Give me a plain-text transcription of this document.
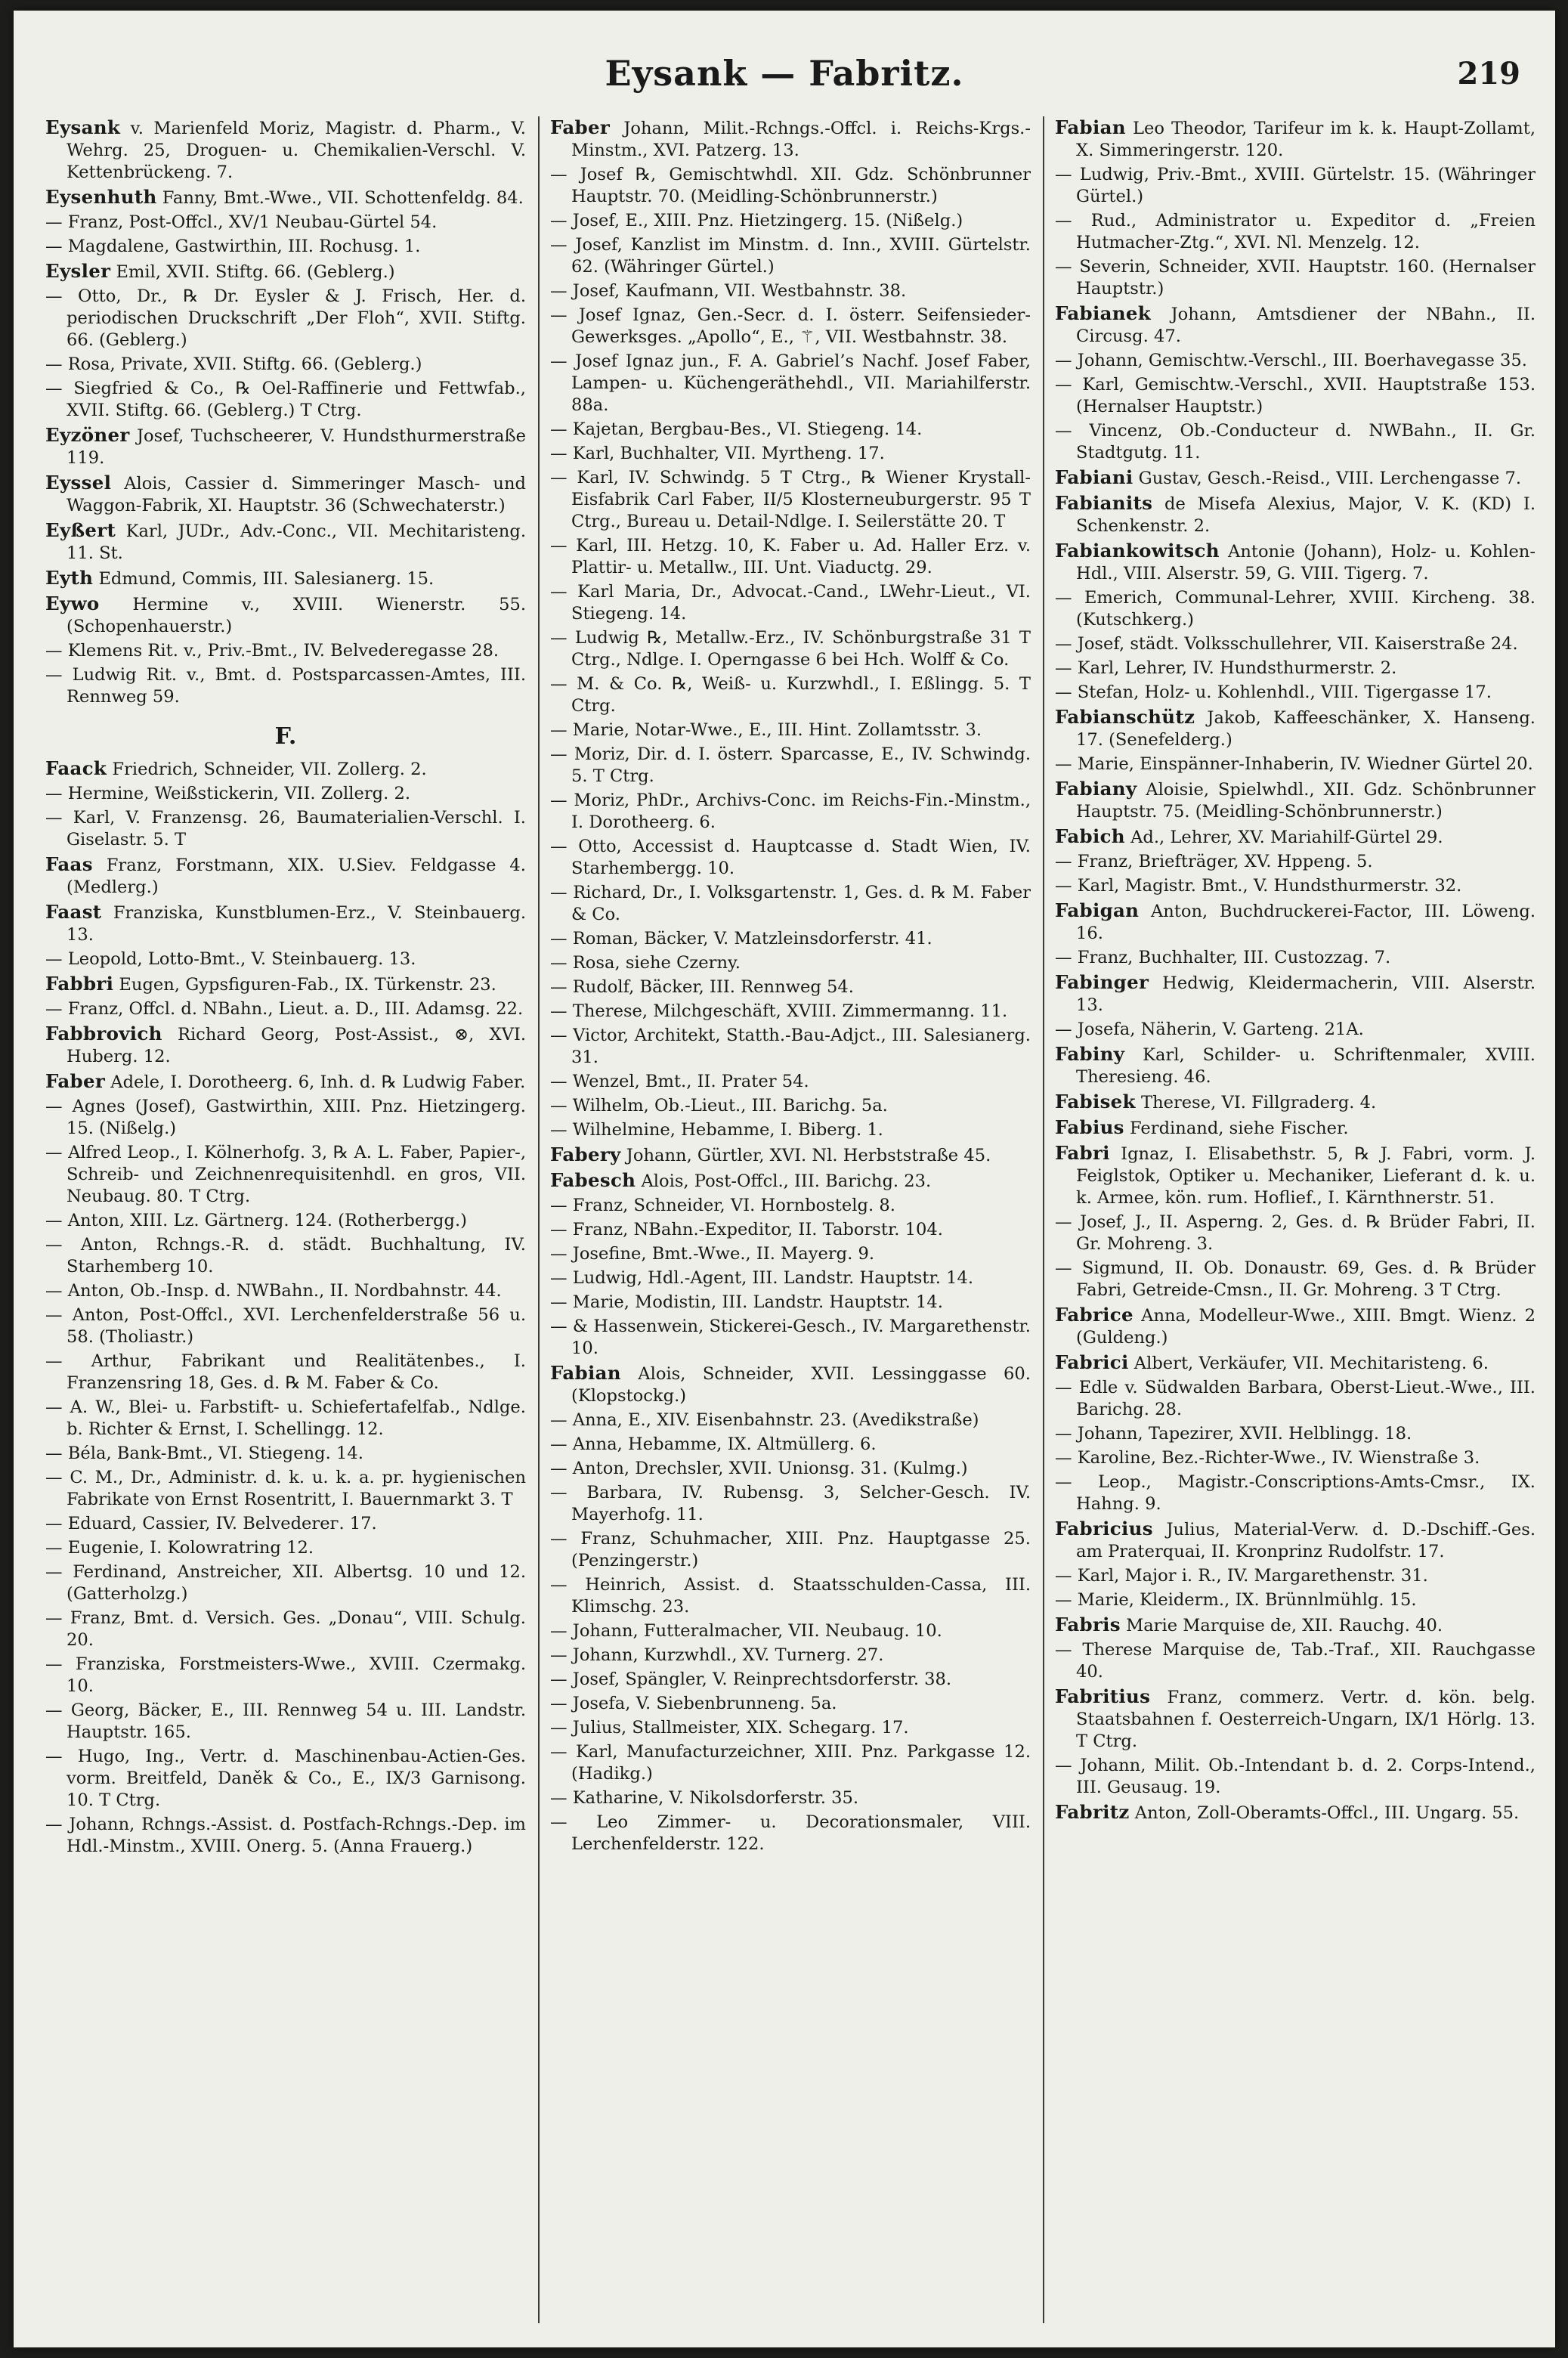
Eysank — Fabritz.	219
Eysank v. Marienfeld Moriz, Magistr. d. Pharm., V. Wehrg. 25, Droguen- u. Chemikalien-Verschl. V. Kettenbrückeng. 7.
Eysenhuth Fanny, Bmt.-Wwe., VII. Schottenfeldg. 84.
— Franz, Post-Offcl., XV/1 Neubau-Gürtel 54.
— Magdalene, Gastwirthin, III. Rochusg. 1.
Eysler Emil, XVII. Stiftg. 66. (Geblerg.)
— Otto, Dr., ℞ Dr. Eysler & J. Frisch, Her. d. periodischen Druckschrift „Der Floh“, XVII. Stiftg. 66. (Geblerg.)
— Rosa, Private, XVII. Stiftg. 66. (Geblerg.)
— Siegfried & Co., ℞ Oel-Raffinerie und Fettwfab., XVII. Stiftg. 66. (Geblerg.) T Ctrg.
Eyzöner Josef, Tuchscheerer, V. Hundsthurmerstraße 119.
Eyssel Alois, Cassier d. Simmeringer Masch- und Waggon-Fabrik, XI. Hauptstr. 36 (Schwechaterstr.)
Eyßert Karl, JUDr., Adv.-Conc., VII. Mechitaristeng. 11. St.
Eyth Edmund, Commis, III. Salesianerg. 15.
Eywo Hermine v., XVIII. Wienerstr. 55. (Schopenhauerstr.)
— Klemens Rit. v., Priv.-Bmt., IV. Belvederegasse 28.
— Ludwig Rit. v., Bmt. d. Postsparcassen-Amtes, III. Rennweg 59.
F.
Faack Friedrich, Schneider, VII. Zollerg. 2.
— Hermine, Weißstickerin, VII. Zollerg. 2.
— Karl, V. Franzensg. 26, Baumaterialien-Verschl. I. Giselastr. 5. T
Faas Franz, Forstmann, XIX. U.Siev. Feldgasse 4. (Medlerg.)
Faast Franziska, Kunstblumen-Erz., V. Steinbauerg. 13.
— Leopold, Lotto-Bmt., V. Steinbauerg. 13.
Fabbri Eugen, Gypsfiguren-Fab., IX. Türkenstr. 23.
— Franz, Offcl. d. NBahn., Lieut. a. D., III. Adamsg. 22.
Fabbrovich Richard Georg, Post-Assist., ⊗, XVI. Huberg. 12.
Faber Adele, I. Dorotheerg. 6, Inh. d. ℞ Ludwig Faber.
— Agnes (Josef), Gastwirthin, XIII. Pnz. Hietzingerg. 15. (Nißelg.)
— Alfred Leop., I. Kölnerhofg. 3, ℞ A. L. Faber, Papier-, Schreib- und Zeichnenrequisitenhdl. en gros, VII. Neubaug. 80. T Ctrg.
— Anton, XIII. Lz. Gärtnerg. 124. (Rotherbergg.)
— Anton, Rchngs.-R. d. städt. Buchhaltung, IV. Starhemberg 10.
— Anton, Ob.-Insp. d. NWBahn., II. Nordbahnstr. 44.
— Anton, Post-Offcl., XVI. Lerchenfelderstraße 56 u. 58. (Tholiastr.)
— Arthur, Fabrikant und Realitätenbes., I. Franzensring 18, Ges. d. ℞ M. Faber & Co.
— A. W., Blei- u. Farbstift- u. Schiefertafelfab., Ndlge. b. Richter & Ernst, I. Schellingg. 12.
— Béla, Bank-Bmt., VI. Stiegeng. 14.
— C. M., Dr., Administr. d. k. u. k. a. pr. hygienischen Fabrikate von Ernst Rosentritt, I. Bauernmarkt 3. T
— Eduard, Cassier, IV. Belvederег. 17.
— Eugenie, I. Kolowratring 12.
— Ferdinand, Anstreicher, XII. Albertsg. 10 und 12. (Gatterholzg.)
— Franz, Bmt. d. Versich. Ges. „Donau“, VIII. Schulg. 20.
— Franziska, Forstmeisters-Wwe., XVIII. Czermakg. 10.
— Georg, Bäcker, E., III. Rennweg 54 u. III. Landstr. Hauptstr. 165.
— Hugo, Ing., Vertr. d. Maschinenbau-Actien-Ges. vorm. Breitfeld, Daněk & Co., E., IX/3 Garnisong. 10. T Ctrg.
— Johann, Rchngs.-Assist. d. Postfach-Rchngs.-Dep. im Hdl.-Minstm., XVIII. Onerg. 5. (Anna Frauerg.)
Faber Johann, Milit.-Rchngs.-Offcl. i. Reichs-Krgs.-Minstm., XVI. Patzerg. 13.
— Josef ℞, Gemischtwhdl. XII. Gdz. Schönbrunner Hauptstr. 70. (Meidling-Schönbrunnerstr.)
— Josef, E., XIII. Pnz. Hietzingerg. 15. (Nißelg.)
— Josef, Kanzlist im Minstm. d. Inn., XVIII. Gürtelstr. 62. (Währinger Gürtel.)
— Josef, Kaufmann, VII. Westbahnstr. 38.
— Josef Ignaz, Gen.-Secr. d. I. österr. Seifensieder-Gewerksges. „Apollo“, E., ⚚, VII. Westbahnstr. 38.
— Josef Ignaz jun., F. A. Gabriel’s Nachf. Josef Faber, Lampen- u. Küchengeräthehdl., VII. Mariahilferstr. 88a.
— Kajetan, Bergbau-Bes., VI. Stiegeng. 14.
— Karl, Buchhalter, VII. Myrtheng. 17.
— Karl, IV. Schwindg. 5 T Ctrg., ℞ Wiener Krystall-Eisfabrik Carl Faber, II/5 Klosterneuburgerstr. 95 T Ctrg., Bureau u. Detail-Ndlge. I. Seilerstätte 20. T
— Karl, III. Hetzg. 10, K. Faber u. Ad. Haller Erz. v. Plattir- u. Metallw., III. Unt. Viaductg. 29.
— Karl Maria, Dr., Advocat.-Cand., LWehr-Lieut., VI. Stiegeng. 14.
— Ludwig ℞, Metallw.-Erz., IV. Schönburgstraße 31 T Ctrg., Ndlge. I. Operngasse 6 bei Hch. Wolff & Co.
— M. & Co. ℞, Weiß- u. Kurzwhdl., I. Eßlingg. 5. T Ctrg.
— Marie, Notar-Wwe., E., III. Hint. Zollamtsstr. 3.
— Moriz, Dir. d. I. österr. Sparcasse, E., IV. Schwindg. 5. T Ctrg.
— Moriz, PhDr., Archivs-Conc. im Reichs-Fin.-Minstm., I. Dorotheerg. 6.
— Otto, Accessist d. Hauptcasse d. Stadt Wien, IV. Starhembergg. 10.
— Richard, Dr., I. Volksgartenstr. 1, Ges. d. ℞ M. Faber & Co.
— Roman, Bäcker, V. Matzleinsdorferstr. 41.
— Rosa, siehe Czerny.
— Rudolf, Bäcker, III. Rennweg 54.
— Therese, Milchgeschäft, XVIII. Zimmermanng. 11.
— Victor, Architekt, Statth.-Bau-Adjct., III. Salesianerg. 31.
— Wenzel, Bmt., II. Prater 54.
— Wilhelm, Ob.-Lieut., III. Barichg. 5a.
— Wilhelmine, Hebamme, I. Biberg. 1.
Fabery Johann, Gürtler, XVI. Nl. Herbststraße 45.
Fabesch Alois, Post-Offcl., III. Barichg. 23.
— Franz, Schneider, VI. Hornbostelg. 8.
— Franz, NBahn.-Expeditor, II. Taborstr. 104.
— Josefine, Bmt.-Wwe., II. Mayerg. 9.
— Ludwig, Hdl.-Agent, III. Landstr. Hauptstr. 14.
— Marie, Modistin, III. Landstr. Hauptstr. 14.
— & Hassenwein, Stickerei-Gesch., IV. Margarethenstr. 10.
Fabian Alois, Schneider, XVII. Lessinggasse 60. (Klopstockg.)
— Anna, E., XIV. Eisenbahnstr. 23. (Avedikstraße)
— Anna, Hebamme, IX. Altmüllerg. 6.
— Anton, Drechsler, XVII. Unionsg. 31. (Kulmg.)
— Barbara, IV. Rubensg. 3, Selcher-Gesch. IV. Mayerhofg. 11.
— Franz, Schuhmacher, XIII. Pnz. Hauptgasse 25. (Penzingerstr.)
— Heinrich, Assist. d. Staatsschulden-Cassa, III. Klimschg. 23.
— Johann, Futteralmacher, VII. Neubaug. 10.
— Johann, Kurzwhdl., XV. Turnerg. 27.
— Josef, Spängler, V. Reinprechtsdorferstr. 38.
— Josefa, V. Siebenbrunneng. 5a.
— Julius, Stallmeister, XIX. Schegarg. 17.
— Karl, Manufacturzeichner, XIII. Pnz. Parkgasse 12. (Hadikg.)
— Katharine, V. Nikolsdorferstr. 35.
— Leo Zimmer- u. Decorationsmaler, VIII. Lerchenfelderstr. 122.
Fabian Leo Theodor, Tarifeur im k. k. Haupt-Zollamt, X. Simmeringerstr. 120.
— Ludwig, Priv.-Bmt., XVIII. Gürtelstr. 15. (Währinger Gürtel.)
— Rud., Administrator u. Expeditor d. „Freien Hutmacher-Ztg.“, XVI. Nl. Menzelg. 12.
— Severin, Schneider, XVII. Hauptstr. 160. (Hernalser Hauptstr.)
Fabianek Johann, Amtsdiener der NBahn., II. Circusg. 47.
— Johann, Gemischtw.-Verschl., III. Boerhavegasse 35.
— Karl, Gemischtw.-Verschl., XVII. Hauptstraße 153. (Hernalser Hauptstr.)
— Vincenz, Ob.-Conducteur d. NWBahn., II. Gr. Stadtgutg. 11.
Fabiani Gustav, Gesch.-Reisd., VIII. Lerchengasse 7.
Fabianits de Misefa Alexius, Major, V. K. (KD) I. Schenkenstr. 2.
Fabiankowitsch Antonie (Johann), Holz- u. Kohlen-Hdl., VIII. Alserstr. 59, G. VIII. Tigerg. 7.
— Emerich, Communal-Lehrer, XVIII. Kircheng. 38. (Kutschkerg.)
— Josef, städt. Volksschullehrer, VII. Kaiserstraße 24.
— Karl, Lehrer, IV. Hundsthurmerstr. 2.
— Stefan, Holz- u. Kohlenhdl., VIII. Tigergasse 17.
Fabianschütz Jakob, Kaffeeschänker, X. Hanseng. 17. (Senefelderg.)
— Marie, Einspänner-Inhaberin, IV. Wiedner Gürtel 20.
Fabiany Aloisie, Spielwhdl., XII. Gdz. Schönbrunner Hauptstr. 75. (Meidling-Schönbrunnerstr.)
Fabich Ad., Lehrer, XV. Mariahilf-Gürtel 29.
— Franz, Briefträger, XV. Hppeng. 5.
— Karl, Magistr. Bmt., V. Hundsthurmerstr. 32.
Fabigan Anton, Buchdruckerei-Factor, III. Löweng. 16.
— Franz, Buchhalter, III. Custozzag. 7.
Fabinger Hedwig, Kleidermacherin, VIII. Alserstr. 13.
— Josefa, Näherin, V. Garteng. 21A.
Fabiny Karl, Schilder- u. Schriftenmaler, XVIII. Theresieng. 46.
Fabisek Therese, VI. Fillgraderg. 4.
Fabius Ferdinand, siehe Fischer.
Fabri Ignaz, I. Elisabethstr. 5, ℞ J. Fabri, vorm. J. Feiglstok, Optiker u. Mechaniker, Lieferant d. k. u. k. Armee, kön. rum. Hoflief., I. Kärnthnerstr. 51.
— Josef, J., II. Asperng. 2, Ges. d. ℞ Brüder Fabri, II. Gr. Mohreng. 3.
— Sigmund, II. Ob. Donaustr. 69, Ges. d. ℞ Brüder Fabri, Getreide-Cmsn., II. Gr. Mohreng. 3 T Ctrg.
Fabrice Anna, Modelleur-Wwe., XIII. Bmgt. Wienz. 2 (Guldeng.)
Fabrici Albert, Verkäufer, VII. Mechitaristeng. 6.
— Edle v. Südwalden Barbara, Oberst-Lieut.-Wwe., III. Barichg. 28.
— Johann, Tapezirer, XVII. Helblingg. 18.
— Karoline, Bez.-Richter-Wwe., IV. Wienstraße 3.
— Leop., Magistr.-Conscriptions-Amts-Cmsr., IX. Hahng. 9.
Fabricius Julius, Material-Verw. d. D.-Dschiff.-Ges. am Praterquai, II. Kronprinz Rudolfstr. 17.
— Karl, Major i. R., IV. Margarethenstr. 31.
— Marie, Kleiderm., IX. Brünnlmühlg. 15.
Fabris Marie Marquise de, XII. Rauchg. 40.
— Therese Marquise de, Tab.-Traf., XII. Rauchgasse 40.
Fabritius Franz, commerz. Vertr. d. kön. belg. Staatsbahnen f. Oesterreich-Ungarn, IX/1 Hörlg. 13. T Ctrg.
— Johann, Milit. Ob.-Intendant b. d. 2. Corps-Intend., III. Geusaug. 19.
Fabritz Anton, Zoll-Oberamts-Offcl., III. Ungarg. 55.
